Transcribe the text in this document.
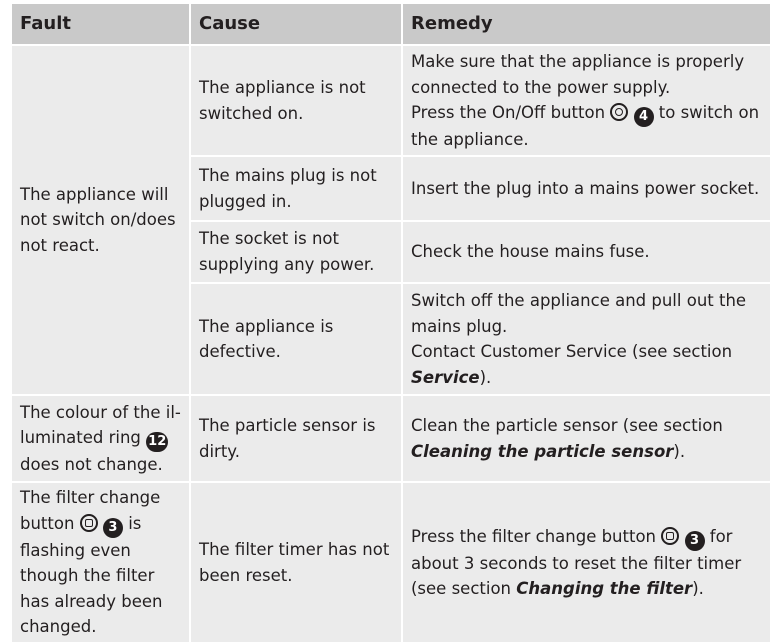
Fault	Cause	Remedy
The appliance will not switch on/does not react.	The appliance is not switched on.	Make sure that the appliance is properly connected to the power supply.
Press the On/Off button 4 to switch on the appliance.
	The mains plug is not plugged in.	Insert the plug into a mains power socket.
	The socket is not supplying any power.	Check the house mains fuse.
	The appliance is defective.	Switch off the appliance and pull out the mains plug.
Contact Customer Service (see section
Service).
The colour of the il-luminated ring 12 does not change.	The particle sensor is dirty.	Clean the particle sensor (see section
Cleaning the particle sensor).
The filter change button 3 is flashing even though the filter has already been changed.	The filter timer has not been reset.	Press the filter change button 3 for about 3 seconds to reset the filter timer (see section Changing the filter).
